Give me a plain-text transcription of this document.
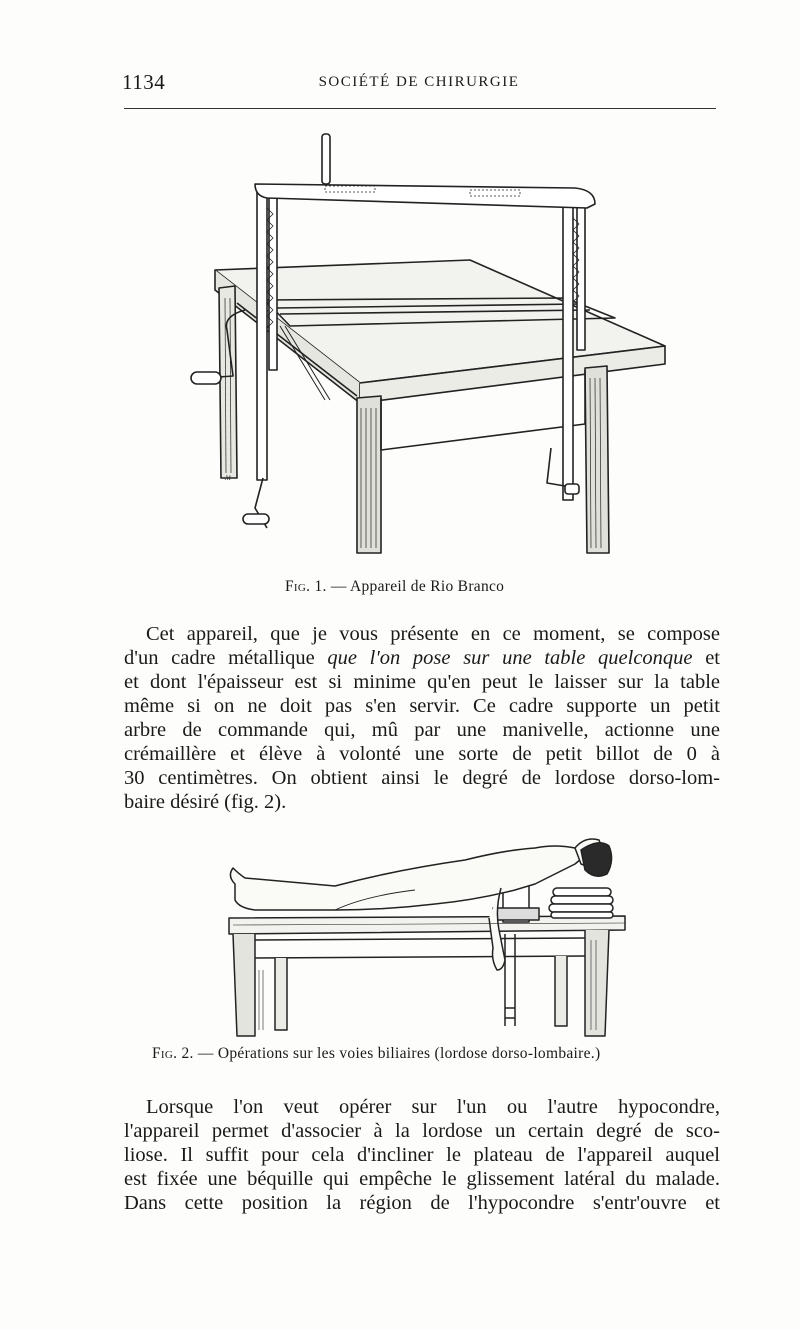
1134	SOCIÉTÉ DE CHIRURGIE
ᴍ
Fig. 1. — Appareil de Rio Branco
Cet appareil, que je vous présente en ce moment, se compose
d'un cadre métallique que l'on pose sur une table quelconque et
et dont l'épaisseur est si minime qu'en peut le laisser sur la table
même si on ne doit pas s'en servir. Ce cadre supporte un petit
arbre de commande qui, mû par une manivelle, actionne une
crémaillère et élève à volonté une sorte de petit billot de 0 à
30 centimètres. On obtient ainsi le degré de lordose dorso-lom-
baire désiré (fig. 2).
Fig. 2. — Opérations sur les voies biliaires (lordose dorso-lombaire.)
Lorsque l'on veut opérer sur l'un ou l'autre hypocondre,
l'appareil permet d'associer à la lordose un certain degré de sco-
liose. Il suffit pour cela d'incliner le plateau de l'appareil auquel
est fixée une béquille qui empêche le glissement latéral du malade.
Dans cette position la région de l'hypocondre s'entr'ouvre et
